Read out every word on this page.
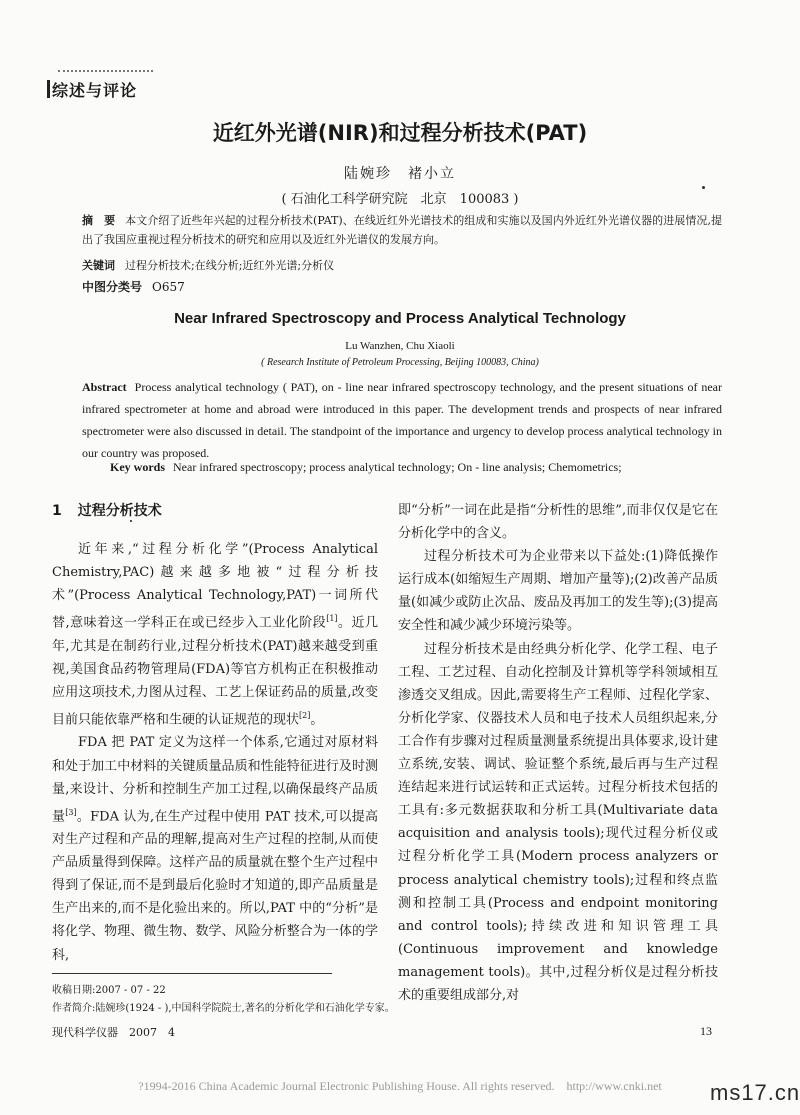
综述与评论
近红外光谱(NIR)和过程分析技术(PAT)
陆婉珍　褚小立
( 石油化工科学研究院　北京　100083 )
摘　要 本文介绍了近些年兴起的过程分析技术(PAT)、在线近红外光谱技术的组成和实施以及国内外近红外光谱仪器的进展情况,提出了我国应重视过程分析技术的研究和应用以及近红外光谱仪的发展方向。
关键词 过程分析技术;在线分析;近红外光谱;分析仪
中图分类号 O657
Near Infrared Spectroscopy and Process Analytical Technology
Lu Wanzhen, Chu Xiaoli
( Research Institute of Petroleum Processing, Beijing 100083, China)
Abstract Process analytical technology ( PAT), on - line near infrared spectroscopy technology, and the present situations of near infrared spectrometer at home and abroad were introduced in this paper. The development trends and prospects of near infrared spectrometer were also discussed in detail. The standpoint of the importance and urgency to develop process analytical technology in our country was proposed.
Key words Near infrared spectroscopy; process analytical technology; On - line analysis; Chemometrics;
1 过程分析技术

近年来,“过程分析化学”(Process Analytical Chemistry,PAC)越来越多地被“过程分析技术”(Process Analytical Technology,PAT)一词所代替,意味着这一学科正在或已经步入工业化阶段[1]。近几年,尤其是在制药行业,过程分析技术(PAT)越来越受到重视,美国食品药物管理局(FDA)等官方机构正在积极推动应用这项技术,力图从过程、工艺上保证药品的质量,改变目前只能依靠严格和生硬的认证规范的现状[2]。

FDA 把 PAT 定义为这样一个体系,它通过对原材料和处于加工中材料的关键质量品质和性能特征进行及时测量,来设计、分析和控制生产加工过程,以确保最终产品质量[3]。FDA 认为,在生产过程中使用 PAT 技术,可以提高对生产过程和产品的理解,提高对生产过程的控制,从而使产品质量得到保障。这样产品的质量就在整个生产过程中得到了保证,而不是到最后化验时才知道的,即产品质量是生产出来的,而不是化验出来的。所以,PAT 中的“分析”是将化学、物理、微生物、数学、风险分析整合为一体的学科,

即“分析”一词在此是指“分析性的思维”,而非仅仅是它在分析化学中的含义。

过程分析技术可为企业带来以下益处:(1)降低操作运行成本(如缩短生产周期、增加产量等);(2)改善产品质量(如减少或防止次品、废品及再加工的发生等);(3)提高安全性和减少减少环境污染等。

过程分析技术是由经典分析化学、化学工程、电子工程、工艺过程、自动化控制及计算机等学科领域相互渗透交叉组成。因此,需要将生产工程师、过程化学家、分析化学家、仪器技术人员和电子技术人员组织起来,分工合作有步骤对过程质量测量系统提出具体要求,设计建立系统,安装、调试、验证整个系统,最后再与生产过程连结起来进行试运转和正式运转。过程分析技术包括的工具有:多元数据获取和分析工具(Multivariate data acquisition and analysis tools);现代过程分析仪或过程分析化学工具(Modern process analyzers or process analytical chemistry tools);过程和终点监测和控制工具(Process and endpoint monitoring and control tools);持续改进和知识管理工具(Continuous improvement and knowledge management tools)。其中,过程分析仪是过程分析技术的重要组成部分,对

收稿日期:2007 - 07 - 22
作者简介:陆婉珍(1924 - ),中国科学院院士,著名的分析化学和石油化学专家。
现代科学仪器　2007　4	13
?1994-2016 China Academic Journal Electronic Publishing House. All rights reserved.　http://www.cnki.net	ms17.cn
